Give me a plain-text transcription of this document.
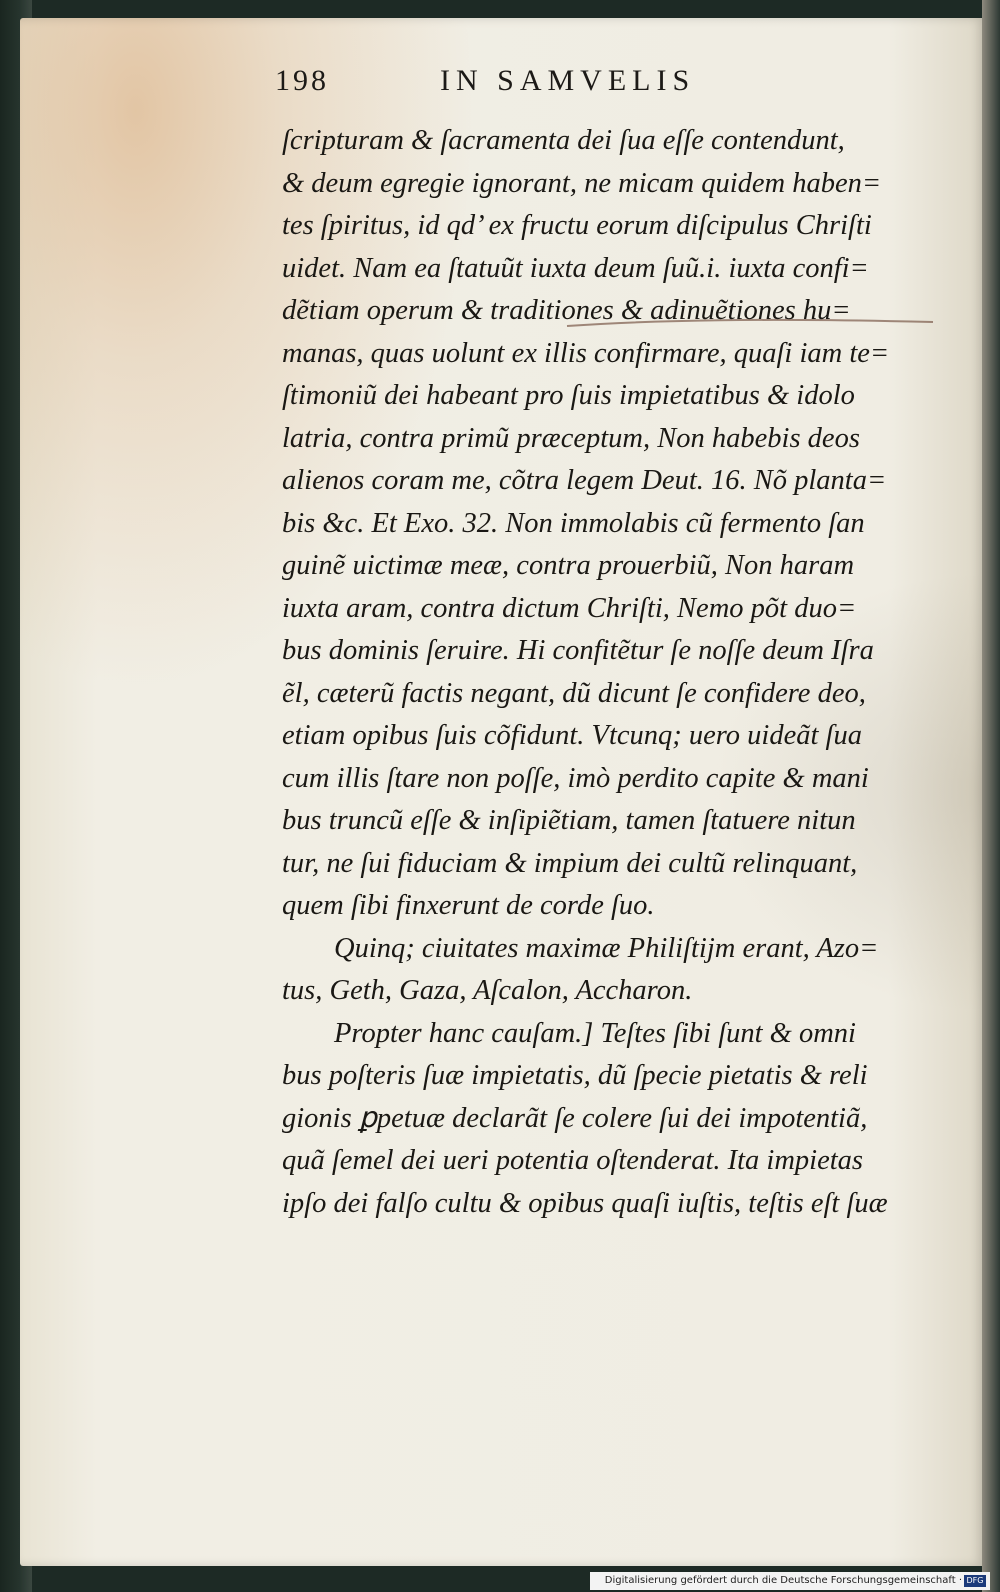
198	IN SAMVELIS
ſcripturam & ſacramenta dei ſua eſſe contendunt,
& deum egregie ignorant, ne micam quidem haben=
tes ſpiritus, id qd’ ex fructu eorum diſcipulus Chriſti
uidet. Nam ea ſtatuũt iuxta deum ſuũ.i. iuxta confi=
dẽtiam operum & traditiones & adinuẽtiones hu=
manas, quas uolunt ex illis confirmare, quaſi iam te=
ſtimoniũ dei habeant pro ſuis impietatibus & idolo
latria, contra primũ præceptum, Non habebis deos
alienos coram me, cõtra legem Deut. 16. Nõ planta=
bis &c. Et Exo. 32. Non immolabis cũ fermento ſan
guinẽ uictimæ meæ, contra prouerbiũ, Non haram
iuxta aram, contra dictum Chriſti, Nemo põt duo=
bus dominis ſeruire. Hi confitẽtur ſe noſſe deum Iſra
ẽl, cæterũ factis negant, dũ dicunt ſe confidere deo,
etiam opibus ſuis cõfidunt. Vtcunq; uero uideãt ſua
cum illis ſtare non poſſe, imò perdito capite & mani
bus truncũ eſſe & inſipiẽtiam, tamen ſtatuere nitun
tur, ne ſui fiduciam & impium dei cultũ relinquant,
quem ſibi finxerunt de corde ſuo.
Quinq; ciuitates maximæ Philiſtijm erant, Azo=
tus, Geth, Gaza, Aſcalon, Accharon.
Propter hanc cauſam.] Teſtes ſibi ſunt & omni
bus poſteris ſuæ impietatis, dũ ſpecie pietatis & reli
gionis ꝑpetuæ declarãt ſe colere ſui dei impotentiã,
quã ſemel dei ueri potentia oſtenderat. Ita impietas
ipſo dei falſo cultu & opibus quaſi iuſtis, teſtis eſt ſuæ
Digitalisierung gefördert durch die Deutsche Forschungsgemeinschaft · DFG
